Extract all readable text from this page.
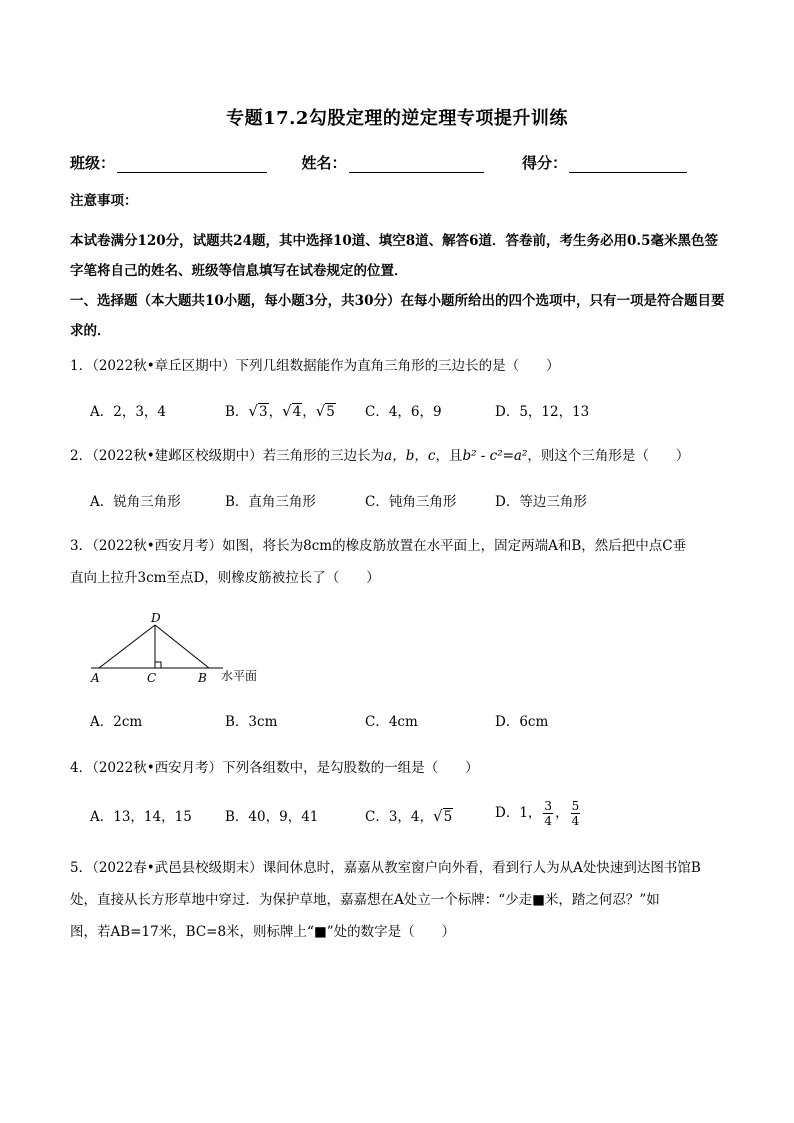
专题17.2勾股定理的逆定理专项提升训练
班级：	姓名：	得分：
注意事项：
本试卷满分120分，试题共24题，其中选择10道、填空8道、解答6道．答卷前，考生务必用0.5毫米黑色签字笔将自己的姓名、班级等信息填写在试卷规定的位置．
一、选择题（本大题共10小题，每小题3分，共30分）在每小题所给出的四个选项中，只有一项是符合题目要求的．
1．（2022秋•章丘区期中）下列几组数据能作为直角三角形的三边长的是（　　）
A．2，3，4	B．√3，√4，√5 C．4，6，9	D．5，12，13
2．（2022秋•建邺区校级期中）若三角形的三边长为a，b，c，且b² - c²=a²，则这个三角形是（　　）
A．锐角三角形	B．直角三角形	C．钝角三角形	D．等边三角形
3．（2022秋•西安月考）如图，将长为8cm的橡皮筋放置在水平面上，固定两端A和B，然后把中点C垂
直向上拉升3cm至点D，则橡皮筋被拉长了（　　）
D
A	C	B 水平面
A．2cm	B．3cm	C．4cm	D．6cm
4．（2022秋•西安月考）下列各组数中，是勾股数的一组是（　　）
A．13，14，15 B．40，9，41	C．3，4，√5	D．1， $\frac{3}{4}$ ， $\frac{5}{4}$
5．（2022春•武邑县校级期末）课间休息时，嘉嘉从教室窗户向外看，看到行人为从A处快速到达图书馆B
处，直接从长方形草地中穿过．为保护草地，嘉嘉想在A处立一个标牌：“少走■米，踏之何忍？”如
图，若AB=17米，BC=8米，则标牌上“■”处的数字是（　　）
